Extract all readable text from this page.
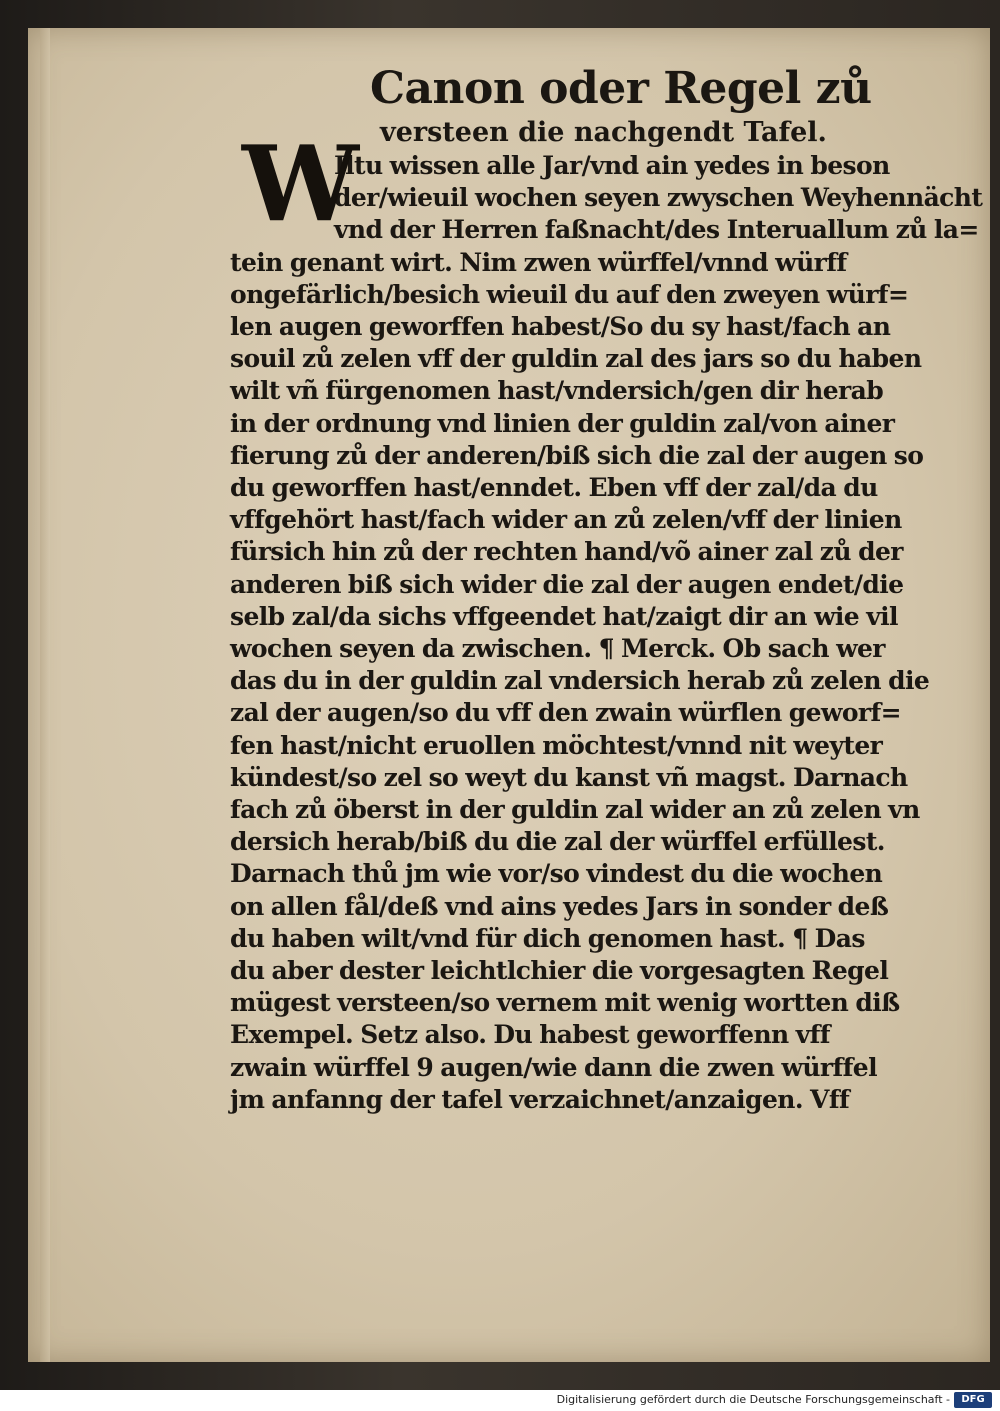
Canon oder Regel zů
versteen die nachgendt Tafel.
W
Iltu wissen alle Jar/vnd ain yedes in beson
der/wieuil wochen seyen zwyschen Weyhennächt
vnd der Herren faßnacht/des Interuallum zů la=
tein genant wirt. Nim zwen würffel/vnnd würff
ongefärlich/besich wieuil du auf den zweyen würf=
len augen geworffen habest/So du sy hast/fach an
souil zů zelen vff der guldin zal des jars so du haben
wilt vñ fürgenomen hast/vndersich/gen dir herab
in der ordnung vnd linien der guldin zal/von ainer
fierung zů der anderen/biß sich die zal der augen so
du geworffen hast/enndet. Eben vff der zal/da du
vffgehört hast/fach wider an zů zelen/vff der linien
fürsich hin zů der rechten hand/võ ainer zal zů der
anderen biß sich wider die zal der augen endet/die
selb zal/da sichs vffgeendet hat/zaigt dir an wie vil
wochen seyen da zwischen. ¶ Merck. Ob sach wer
das du in der guldin zal vndersich herab zů zelen die
zal der augen/so du vff den zwain würflen geworf=
fen hast/nicht eruollen möchtest/vnnd nit weyter
kündest/so zel so weyt du kanst vñ magst. Darnach
fach zů öberst in der guldin zal wider an zů zelen vn
dersich herab/biß du die zal der würffel erfüllest.
Darnach thů jm wie vor/so vindest du die wochen
on allen fål/deß vnd ains yedes Jars in sonder deß
du haben wilt/vnd für dich genomen hast. ¶ Das
du aber dester leichtlchier die vorgesagten Regel
mügest versteen/so vernem mit wenig wortten diß
Exempel. Setz also. Du habest geworffenn vff
zwain würffel 9 augen/wie dann die zwen würffel
jm anfanng der tafel verzaichnet/anzaigen. Vff
Digitalisierung gefördert durch die Deutsche Forschungsgemeinschaft -	DFG
